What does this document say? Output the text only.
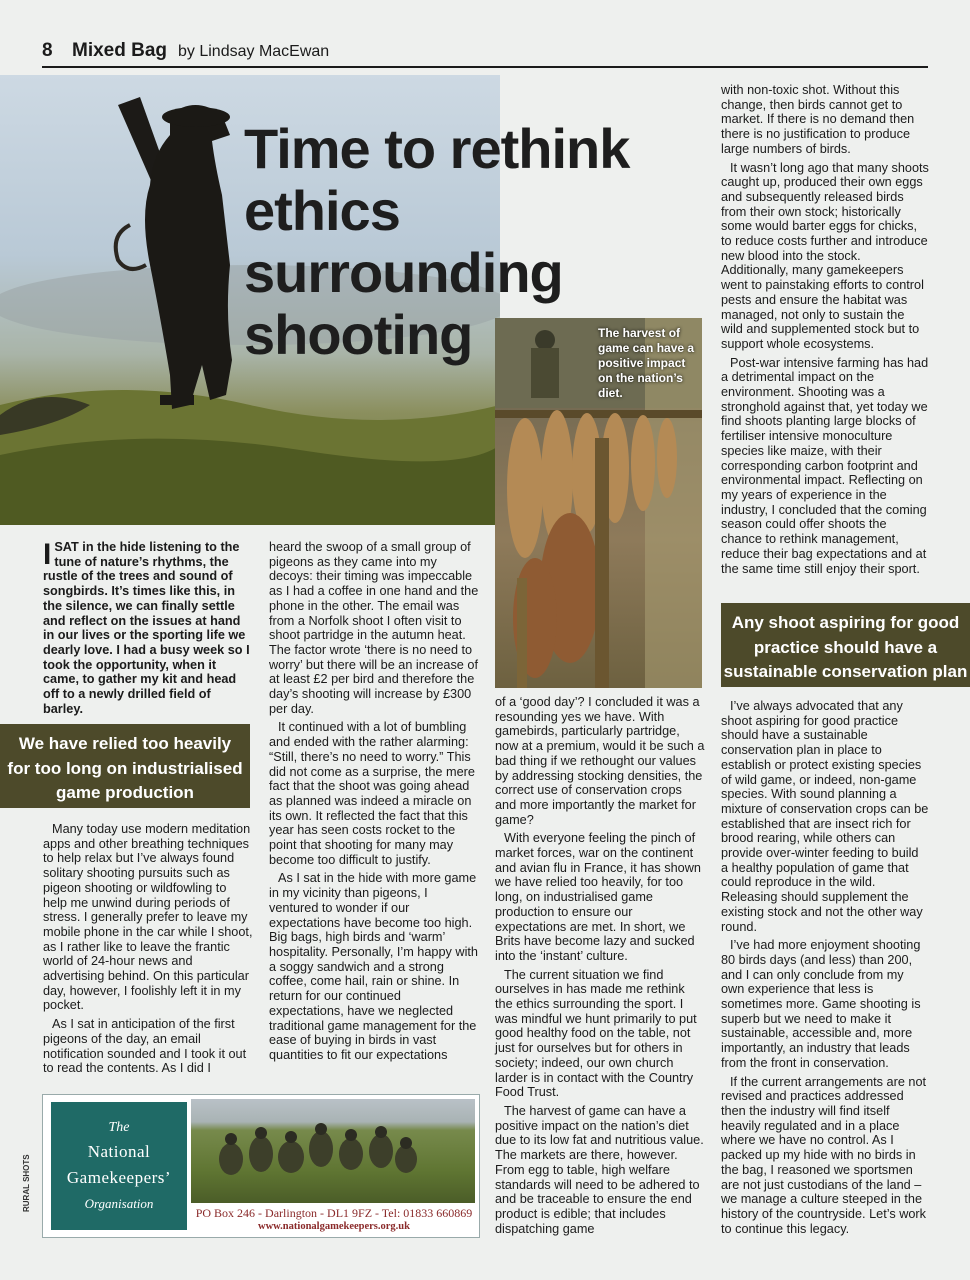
8 Mixed Bag by Lindsay MacEwan
Time to rethink ethics surrounding shooting	The harvest of game can have a positive impact on the nation’s diet.
ISAT in the hide listening to the tune of nature’s rhythms, the rustle of the trees and sound of songbirds. It’s times like this, in the silence, we can finally settle and reflect on the issues at hand in our lives or the sporting life we dearly love. I had a busy week so I took the opportunity, when it came, to gather my kit and head off to a newly drilled field of barley.
We have relied too heavily
for too long on industrialised
game production

Many today use modern meditation apps and other breathing techniques to help relax but I’ve always found solitary shooting pursuits such as pigeon shooting or wildfowling to help me unwind during periods of stress. I generally prefer to leave my mobile phone in the car while I shoot, as I rather like to leave the frantic world of 24-hour news and advertising behind. On this particular day, however, I foolishly left it in my pocket.

As I sat in anticipation of the first pigeons of the day, an email notification sounded and I took it out to read the contents. As I did I

heard the swoop of a small group of pigeons as they came into my decoys: their timing was impeccable as I had a coffee in one hand and the phone in the other. The email was from a Norfolk shoot I often visit to shoot partridge in the autumn heat. The factor wrote ‘there is no need to worry’ but there will be an increase of at least £2 per bird and therefore the day’s shooting will increase by £300 per day.

It continued with a lot of bumbling and ended with the rather alarming: “Still, there’s no need to worry.” This did not come as a surprise, the mere fact that the shoot was going ahead as planned was indeed a miracle on its own. It reflected the fact that this year has seen costs rocket to the point that shooting for many may become too difficult to justify.

As I sat in the hide with more game in my vicinity than pigeons, I ventured to wonder if our expectations have become too high. Big bags, high birds and ‘warm’ hospitality. Personally, I’m happy with a soggy sandwich and a strong coffee, come hail, rain or shine. In return for our continued expectations, have we neglected traditional game management for the ease of buying in birds in vast quantities to fit our expectations

of a ‘good day’? I concluded it was a resounding yes we have. With gamebirds, particularly partridge, now at a premium, would it be such a bad thing if we rethought our values by addressing stocking densities, the correct use of conservation crops and more importantly the market for game?

With everyone feeling the pinch of market forces, war on the continent and avian flu in France, it has shown we have relied too heavily, for too long, on industrialised game production to ensure our expectations are met. In short, we Brits have become lazy and sucked into the ‘instant’ culture.

The current situation we find ourselves in has made me rethink the ethics surrounding the sport. I was mindful we hunt primarily to put good healthy food on the table, not just for ourselves but for others in society; indeed, our own church larder is in contact with the Country Food Trust.

The harvest of game can have a positive impact on the nation’s diet due to its low fat and nutritious value. The markets are there, however. From egg to table, high welfare standards will need to be adhered to and be traceable to ensure the end product is edible; that includes dispatching game

with non-toxic shot. Without this change, then birds cannot get to market. If there is no demand then there is no justification to produce large numbers of birds.

It wasn’t long ago that many shoots caught up, produced their own eggs and subsequently released birds from their own stock; historically some would barter eggs for chicks, to reduce costs further and introduce new blood into the stock. Additionally, many gamekeepers went to painstaking efforts to control pests and ensure the habitat was managed, not only to sustain the wild and supplemented stock but to support whole ecosystems.

Post-war intensive farming has had a detrimental impact on the environment. Shooting was a stronghold against that, yet today we find shoots planting large blocks of fertiliser intensive monoculture species like maize, with their corresponding carbon footprint and environmental impact. Reflecting on my years of experience in the industry, I concluded that the coming season could offer shoots the chance to rethink management, reduce their bag expectations and at the same time still enjoy their sport.

Any shoot aspiring for good
practice should have a
sustainable conservation plan

I’ve always advocated that any shoot aspiring for good practice should have a sustainable conservation plan in place to establish or protect existing species of wild game, or indeed, non-game species. With sound planning a mixture of conservation crops can be established that are insect rich for brood rearing, while others can provide over-winter feeding to build a healthy population of game that could reproduce in the wild. Releasing should supplement the existing stock and not the other way round.

I’ve had more enjoyment shooting 80 birds days (and less) than 200, and I can only conclude from my own experience that less is sometimes more. Game shooting is superb but we need to make it sustainable, accessible and, more importantly, an industry that leads from the front in conservation.

If the current arrangements are not revised and practices addressed then the industry will find itself heavily regulated and in a place where we have no control. As I packed up my hide with no birds in the bag, I reasoned we sportsmen are not just custodians of the land – we manage a culture steeped in the history of the countryside. Let’s work to continue this legacy.

The
National
Gamekeepers’
Organisation
PO Box 246 - Darlington - DL1 9FZ - Tel: 01833 660869
www.nationalgamekeepers.org.uk
RURAL SHOTS
